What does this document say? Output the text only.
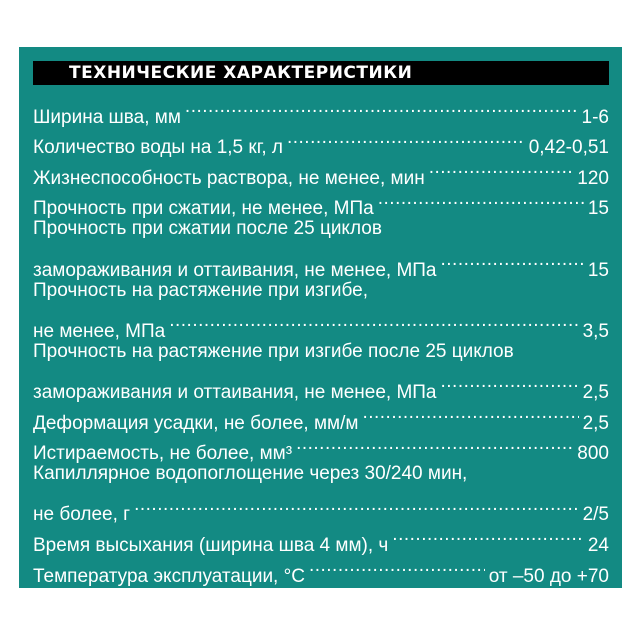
ТЕХНИЧЕСКИЕ ХАРАКТЕРИСТИКИ
Ширина шва, мм .....	1-6
Количество воды на 1,5 кг, л .....	0,42-0,51
Жизнеспособность раствора, не менее, мин .....	120
Прочность при сжатии, не менее, МПа .....	15
Прочность при сжатии после 25 циклов
замораживания и оттаивания, не менее, МПа .....	15
Прочность на растяжение при изгибе,
не менее, МПа .....	3,5
Прочность на растяжение при изгибе после 25 циклов
замораживания и оттаивания, не менее, МПа .....	2,5
Деформация усадки, не более, мм/м .....	2,5
Истираемость, не более, мм³ .....	800
Капиллярное водопоглощение через 30/240 мин,
не более, г .....	2/5
Время высыхания (ширина шва 4 мм), ч .....	24
Температура эксплуатации, °С .....	от –50 до +70
